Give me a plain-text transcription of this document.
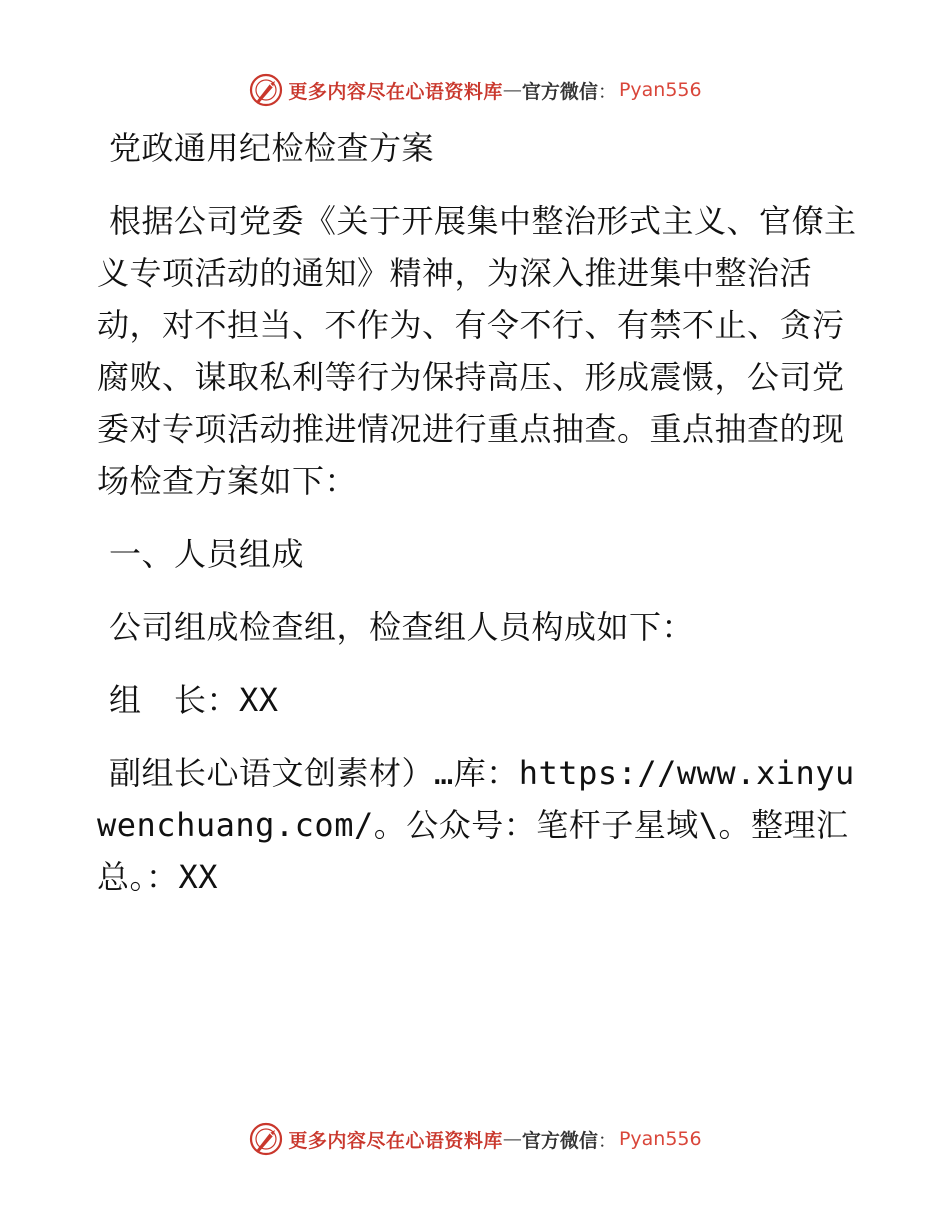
更多内容尽在心语资料库 — 官方微信 ： Pyan556

党政通用纪检检查方案

根据公司党委《关于开展集中整治形式主义、官僚主义专项活动的通知》精神，为深入推进集中整治活动，对不担当、不作为、有令不行、有禁不止、贪污腐败、谋取私利等行为保持高压、形成震慑，公司党委对专项活动推进情况进行重点抽查。重点抽查的现场检查方案如下：

一、人员组成

公司组成检查组，检查组人员构成如下：

组　长：XX

副组长心语文创素材）…库：https://www.xinyuwenchuang.com/。公众号：笔杆子星域\。整理汇总。：XX

更多内容尽在心语资料库 — 官方微信 ： Pyan556
